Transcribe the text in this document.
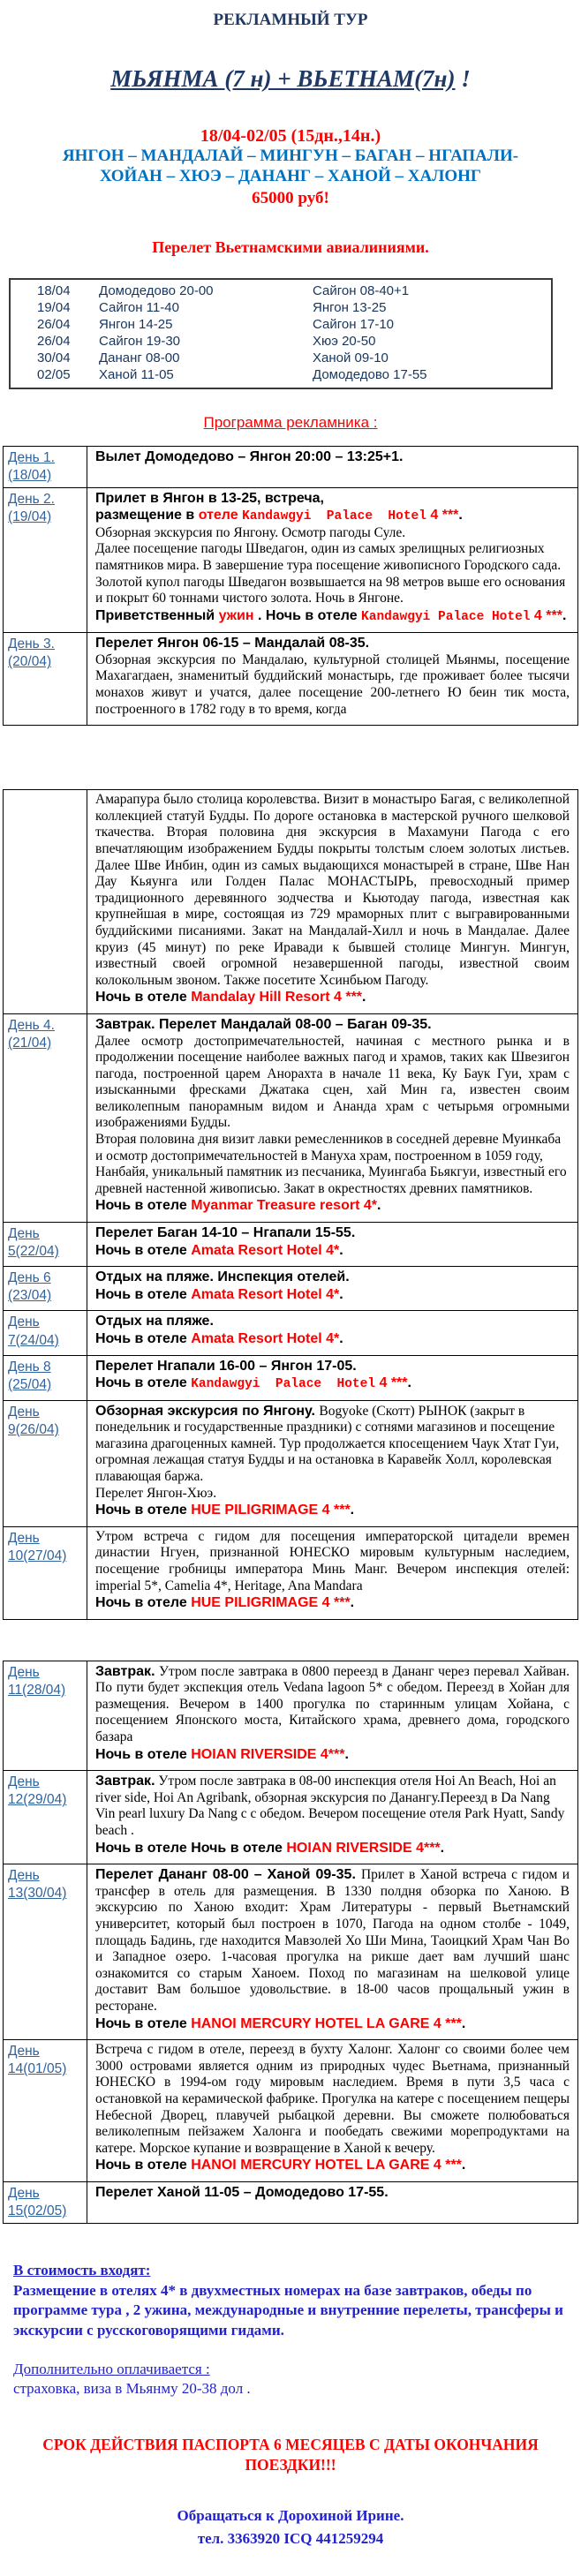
РЕКЛАМНЫЙ ТУР
МЬЯНМА (7 н) + ВЬЕТНАМ(7н) !
18/04-02/05 (15дн.,14н.)
ЯНГОН – МАНДАЛАЙ – МИНГУН – БАГАН – НГАПАЛИ-
ХОЙАН – ХЮЭ – ДАНАНГ – ХАНОЙ – ХАЛОНГ
65000 руб!
Перелет Вьетнамскими авиалиниями.
18/04	Домодедово 20-00	Сайгон 08-40+1
19/04	Сайгон 11-40	Янгон 13-25
26/04	Янгон 14-25	Сайгон 17-10
26/04	Сайгон 19-30	Хюэ 20-50
30/04	Дананг 08-00	Ханой 09-10
02/05	Ханой 11-05	Домодедово 17-55
Программа рекламника :
День 1.(18/04)	Вылет Домодедово – Янгон 20:00 – 13:25+1.

День 2. (19/04)	Прилет в Янгон в 13-25, встреча,

размещение в отеле Kandawgyi  Palace  Hotel 4 ***.

Обзорная экскурсия по Янгону. Осмотр пагоды Суле.

Далее посещение пагоды Шведагон, один из самых зрелищных религиозных памятников мира. В завершение тура посещение живописного Городского сада. Золотой купол пагоды Шведагон возвышается на 98 метров выше его основания и покрыт 60 тоннами чистого золота. Ночь в Янгоне.

Приветственный ужин . Ночь в отеле Kandawgyi Palace Hotel 4 ***.

День 3. (20/04)	Перелет Янгон 06-15 – Мандалай 08-35.

Обзорная экскурсия по Мандалаю, культурной столицей Мьянмы, посещение Махагагдаен, знаменитый буддийский монастырь, где проживает более тысячи монахов живут и учатся, далее посещение 200-летнего Ю беин тик моста, построенного в 1782 году в то время, когда

	Амарапура было столица королевства. Визит в монастыро Багая, с великолепной коллекцией статуй Будды. По дороге остановка в мастерской ручного шелковой ткачества. Вторая половина дня экскурсия в Махамуни Пагода с его впечатляющим изображением Будды покрыты толстым слоем золотых листьев. Далее Шве Инбин, один из самых выдающихся монастырей в стране, Шве Нан Дау Кьяунга или Голден Палас МОНАСТЫРЬ, превосходный пример традиционного деревянного зодчества и Кьютодау пагода, известная как крупнейшая в мире, состоящая из 729 мраморных плит с выгравированными буддийскими писаниями. Закат на Мандалай-Хилл и ночь в Мандалае. Далее круиз (45 минут) по реке Иравади к бывшей столице Мингун. Мингун, известный своей огромной незавершенной пагоды, известной своим колокольным звоном. Также посетите Хсинбьюм Пагоду.

Ночь в отеле Mandalay Hill Resort 4 ***.

День 4. (21/04)	Завтрак. Перелет Мандалай 08-00 – Баган 09-35.

Далее осмотр достопримечательностей, начиная с местного рынка и в продолжении посещение наиболее важных пагод и храмов, таких как Швезигон пагода, построенной царем Анорахта в начале 11 века, Ку Баук Гуи, храм с изысканными фресками Джатака сцен, хай Мин га, известен своим великолепным панорамным видом и Ананда храм с четырьмя огромными изображениями Будды.

Вторая половина дня визит лавки ремесленников в соседней деревне Муинкаба и осмотр достопримечательностей в Мануха храм, построенном в 1059 году, Нанбайя, уникальный памятник из песчаника, Муингаба Бьякгуи, известный его древней настенной живописью. Закат в окрестностях древних памятников.

Ночь в отеле Myanmar Treasure resort 4*.

День 5(22/04)	Перелет Баган 14-10 – Нгапали 15-55.

Ночь в отеле Amata Resort Hotel 4*.

День 6 (23/04)	Отдых на пляже. Инспекция отелей.

Ночь в отеле Amata Resort Hotel 4*.

День 7(24/04)	Отдых на пляже.

Ночь в отеле Amata Resort Hotel 4*.

День 8 (25/04)	Перелет Нгапали 16-00 – Янгон 17-05.

Ночь в отеле Kandawgyi  Palace  Hotel 4 ***.

День 9(26/04)	Обзорная экскурсия по Янгону. Bogyoke (Скотт) РЫНОК (закрыт в понедельник и государственные праздники) с сотнями магазинов и посещение магазина драгоценных камней. Тур продолжается кпосещением Чаук Хтат Гуи, огромная лежащая статуя Будды и на остановка в Каравейк Холл, королевская плавающая баржа.

Перелет Янгон-Хюэ.

Ночь в отеле HUE PILIGRIMAGE 4 ***.

День 10(27/04)	Утром встреча с гидом для посещения императорской цитадели времен династии Нгуен, признанной ЮНЕСКО мировым культурным наследием, посещение гробницы императора Минь Манг. Вечером инспекция отелей: imperial 5*, Camelia 4*, Heritage, Ana Mandara

Ночь в отеле HUE PILIGRIMAGE 4 ***.

День 11(28/04)	Завтрак. Утром после завтрака в 0800 переезд в Дананг через перевал Хайван. По пути будет экспекция отель Vedana lagoon 5* с обедом. Переезд в Хойан для размещения. Вечером в 1400 прогулка по старинным улицам Хойана, с посещением Японского моста, Китайского храма, древнего дома, городского базара

Ночь в отеле HOIAN RIVERSIDE 4***.

День 12(29/04)	Завтрак. Утром после завтрака в 08-00 инспекция отеля Hoi An Beach, Hoi an river side, Hoi An Agribank, обзорная экскурсия по Данангу.Переезд в Da Nang Vin pearl luxury Da Nang с с обедом. Вечером посещение отеля Park Hyatt, Sandy beach .

Ночь в отеле Ночь в отеле HOIAN RIVERSIDE 4***.

День 13(30/04)	Перелет Дананг 08-00 – Ханой 09-35. Прилет в Ханой встреча с гидом и трансфер в отель для размещения. В 1330 полдня обзорка по Ханою. В экскурсию по Ханою входит: Храм Литературы - первый Вьетнамский университет, который был построен в 1070, Пагода на одном столбе - 1049, площадь Бадинь, где находится Мавзолей Хо Ши Мина, Таоицкий Храм Чан Во и Западное озеро. 1-часовая прогулка на рикше дает вам лучший шанс ознакомится со старым Ханоем. Поход по магазинам на шелковой улице доставит Вам большое удовольствие. в 18-00 часов прощальный ужин в ресторане.

Ночь в отеле HANOI MERCURY HOTEL LA GARE 4 ***.

День 14(01/05)	Встреча с гидом в отеле, переезд в бухту Халонг. Халонг со своими более чем 3000 островами является одним из природных чудес Вьетнама, признанный ЮНЕСКО в 1994-ом году мировым наследием. Время в пути 3,5 часа с остановкой на керамической фабрике. Прогулка на катере с посещением пещеры Небесной Дворец, плавучей рыбацкой деревни. Вы сможете полюбоваться великолепным пейзажем Халонга и пообедать свежими морепродуктами на катере. Морское купание и возвращение в Ханой к вечеру.

Ночь в отеле HANOI MERCURY HOTEL LA GARE 4 ***.

День 15(02/05)	Перелет Ханой 11-05 – Домодедово 17-55.

В стоимость входят:
Размещение в отелях 4* в двухместных номерах на базе завтраков, обеды по программе тура , 2 ужина, международные и внутренние перелеты, трансферы и экскурсии с русскоговорящими гидами.
Дополнительно оплачивается :
страховка, виза в Мьянму 20-38 дол .
СРОК ДЕЙСТВИЯ ПАСПОРТА 6 МЕСЯЦЕВ С ДАТЫ ОКОНЧАНИЯ ПОЕЗДКИ!!!
Обращаться к Дорохиной Ирине.
тел. 3363920 ICQ 441259294
